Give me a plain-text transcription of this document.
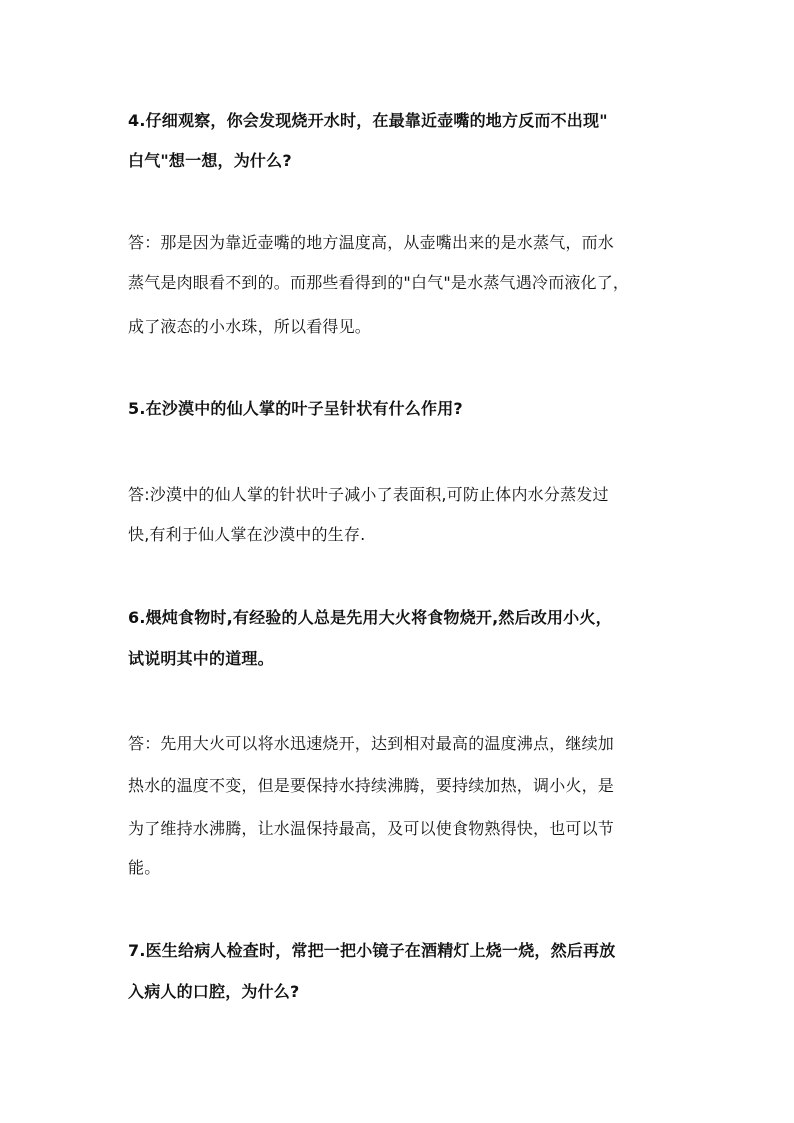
4.仔细观察，你会发现烧开水时，在最靠近壶嘴的地方反而不出现"
白气"想一想，为什么?
答：那是因为靠近壶嘴的地方温度高，从壶嘴出来的是水蒸气，而水
蒸气是肉眼看不到的。而那些看得到的"白气"是水蒸气遇冷而液化了，
成了液态的小水珠，所以看得见。
5.在沙漠中的仙人掌的叶子呈针状有什么作用?
答:沙漠中的仙人掌的针状叶子减小了表面积,可防止体内水分蒸发过
快,有利于仙人掌在沙漠中的生存.
6.煨炖食物时,有经验的人总是先用大火将食物烧开,然后改用小火，
试说明其中的道理。
答：先用大火可以将水迅速烧开，达到相对最高的温度沸点，继续加
热水的温度不变，但是要保持水持续沸腾，要持续加热，调小火，是
为了维持水沸腾，让水温保持最高，及可以使食物熟得快，也可以节
能。
7.医生给病人检查时，常把一把小镜子在酒精灯上烧一烧，然后再放
入病人的口腔，为什么?
